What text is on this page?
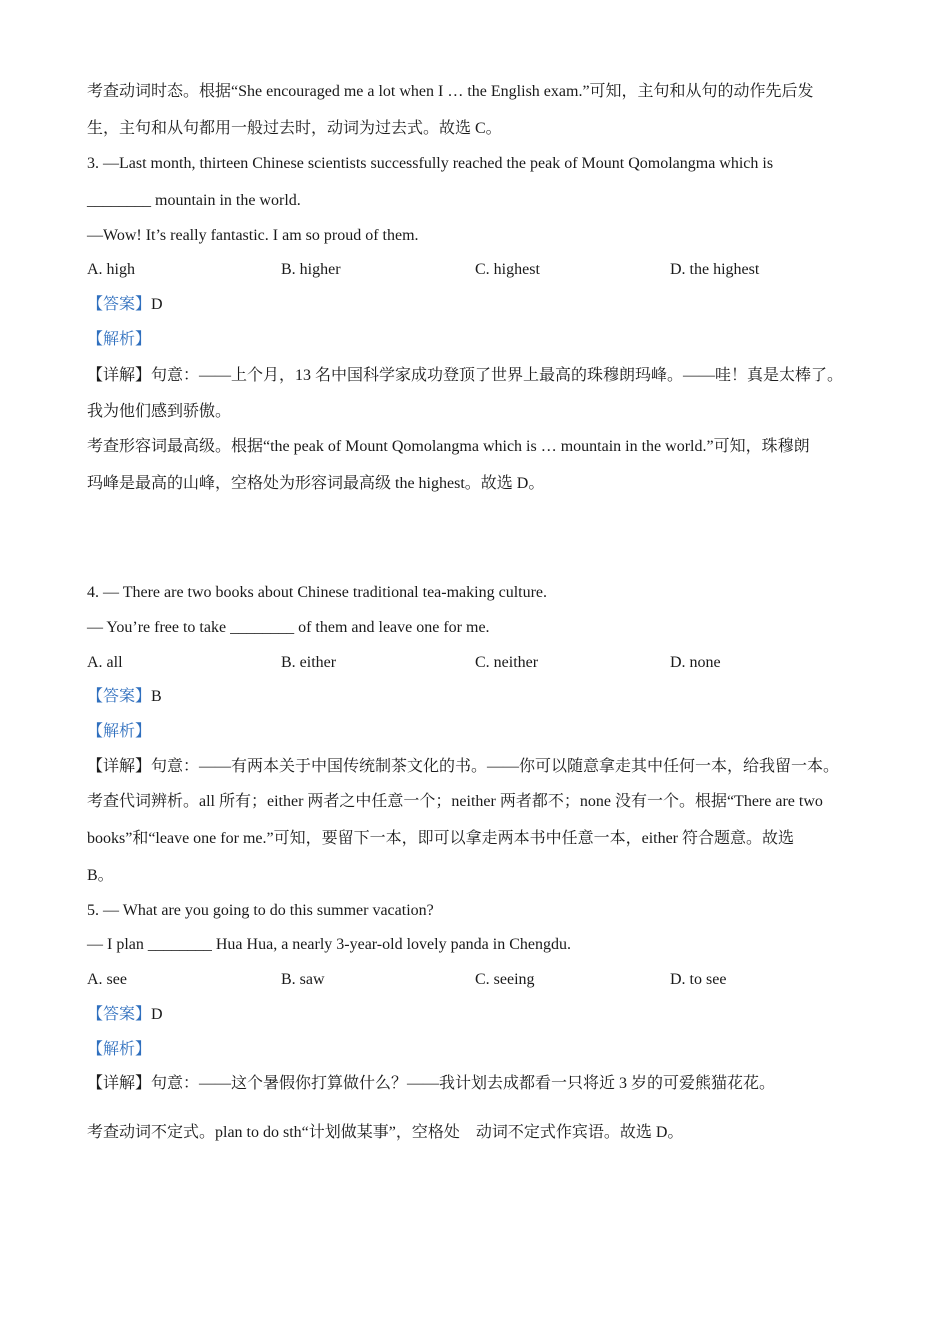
考查动词时态。根据“She encouraged me a lot when I … the English exam.”可知，主句和从句的动作先后发
生，主句和从句都用一般过去时，动词为过去式。故选 C。
3. —Last month, thirteen Chinese scientists successfully reached the peak of Mount Qomolangma which is
________ mountain in the world.
—Wow! It’s really fantastic. I am so proud of them.
A. high	B. higher	C. highest	D. the highest
【答案】D
【解析】
【详解】句意：——上个月，13 名中国科学家成功登顶了世界上最高的珠穆朗玛峰。——哇！真是太棒了。
我为他们感到骄傲。
考查形容词最高级。根据“the peak of Mount Qomolangma which is … mountain in the world.”可知，珠穆朗
玛峰是最高的山峰，空格处为形容词最高级 the highest。故选 D。
4. — There are two books about Chinese traditional tea-making culture.
— You’re free to take ________ of them and leave one for me.
A. all	B. either	C. neither	D. none
【答案】B
【解析】
【详解】句意：——有两本关于中国传统制茶文化的书。——你可以随意拿走其中任何一本，给我留一本。
考查代词辨析。all 所有；either 两者之中任意一个；neither 两者都不；none 没有一个。根据“There are two
books”和“leave one for me.”可知，要留下一本，即可以拿走两本书中任意一本，either 符合题意。故选
B。
5. — What are you going to do this summer vacation?
— I plan ________ Hua Hua, a nearly 3-year-old lovely panda in Chengdu.
A. see	B. saw	C. seeing	D. to see
【答案】D
【解析】
【详解】句意：——这个暑假你打算做什么？——我计划去成都看一只将近 3 岁的可爱熊猫花花。
考查动词不定式。plan to do sth“计划做某事”，空格处    动词不定式作宾语。故选 D。
